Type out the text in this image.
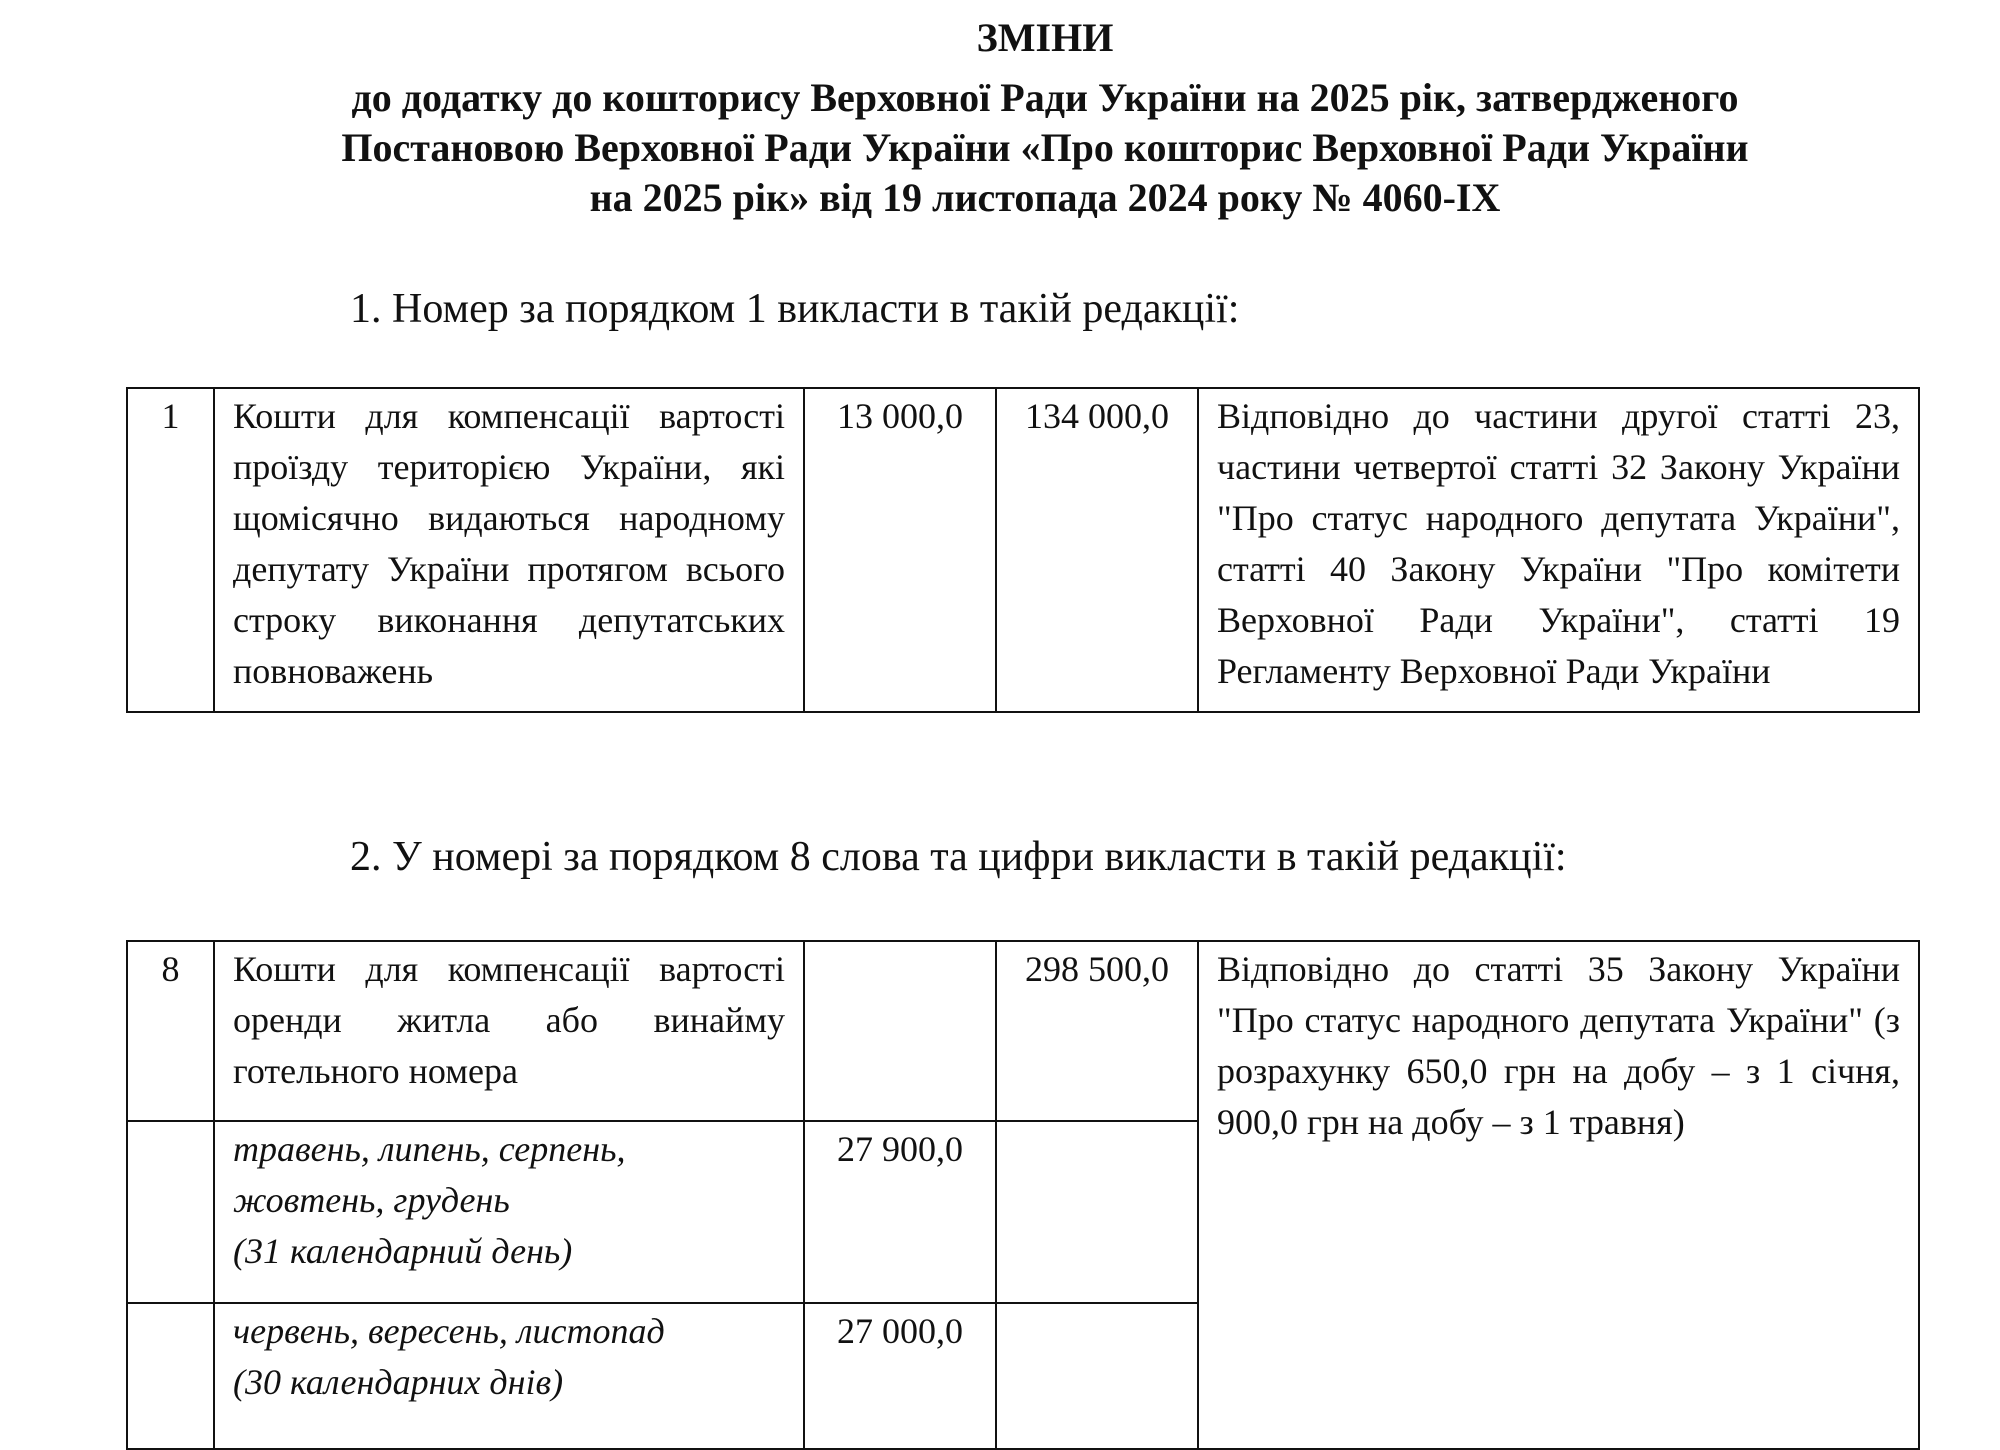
ЗМІНИ
до додатку до кошторису Верховної Ради України на 2025 рік, затвердженого
Постановою Верховної Ради України «Про кошторис Верховної Ради України
на 2025 рік» від 19 листопада 2024 року № 4060-IX
1. Номер за порядком 1 викласти в такій редакції:
1	Кошти для компенсації вартості проїзду територією України, які щомісячно видаються народному депутату України протягом всього строку виконання депутатських повноважень	13 000,0	134 000,0	Відповідно до частини другої статті 23, частини четвертої статті 32 Закону України "Про статус народного депутата України", статті 40 Закону України "Про комітети Верховної Ради України", статті 19 Регламенту Верховної Ради України
2. У номері за порядком 8 слова та цифри викласти в такій редакції:
8	Кошти для компенсації вартості оренди житла або винайму готельного номера		298 500,0	Відповідно до статті 35 Закону України "Про статус народного депутата України" (з розрахунку 650,0 грн на добу – з 1 січня, 900,0 грн на добу – з 1 травня)
	травень, липень, серпень,
жовтень, грудень
(31 календарний день)	27 900,0		
	червень, вересень, листопад
(30 календарних днів)	27 000,0		
